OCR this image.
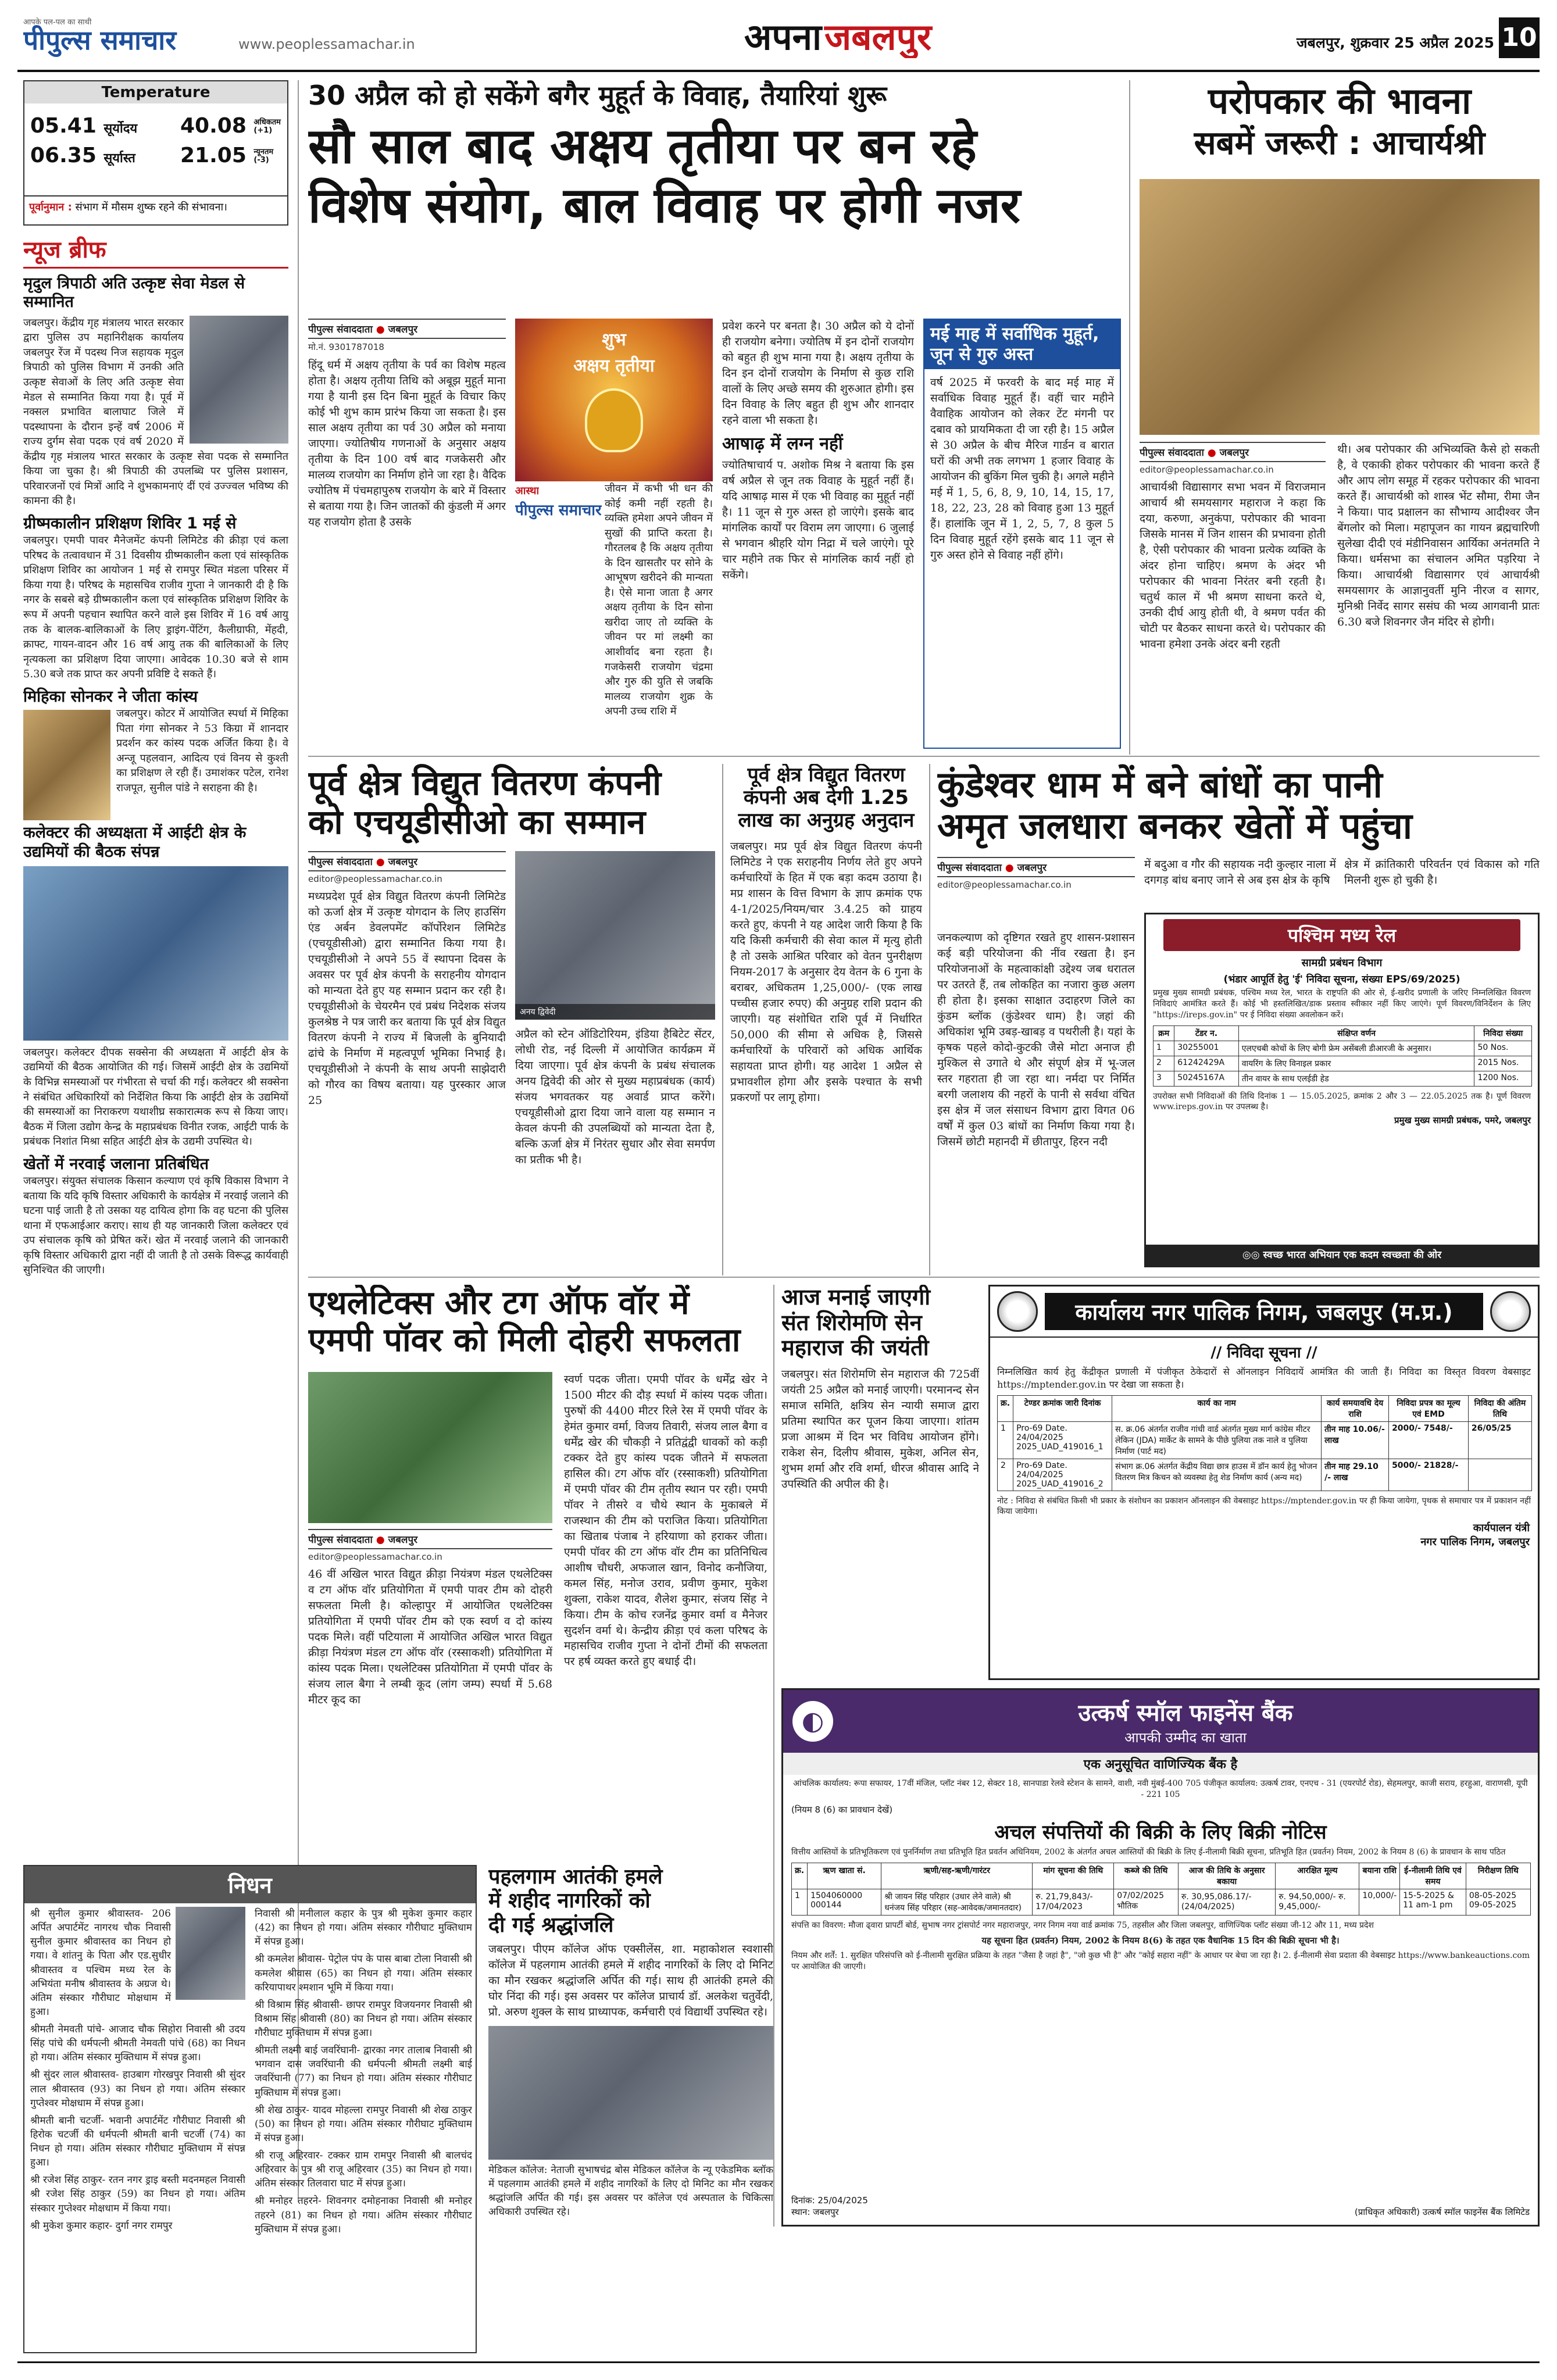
आपके पल-पल का साथी
पीपुल्स समाचार	www.peoplessamachar.in	अपना जबलपुर	जबलपुर, शुक्रवार 25 अप्रैल 2025 10
Temperature
05.41 सूर्योदय
06.35 सूर्यास्त
40.08 अधिकतम
(+1)
21.05 न्यूनतम
(-3)
पूर्वानुमान : संभाग में मौसम शुष्क रहने की संभावना।
न्यूज ब्रीफ
मृदुल त्रिपाठी अति उत्कृष्ट सेवा मेडल से सम्मानित
जबलपुर। केंद्रीय गृह मंत्रालय भारत सरकार द्वारा पुलिस उप महानिरीक्षक कार्यालय जबलपुर रेंज में पदस्थ निज सहायक मृदुल त्रिपाठी को पुलिस विभाग में उनकी अति उत्कृष्ट सेवाओं के लिए अति उत्कृष्ट सेवा मेडल से सम्मानित किया गया है। पूर्व में नक्सल प्रभावित बालाघाट जिले में पदस्थापना के दौरान इन्हें वर्ष 2006 में राज्य दुर्गम सेवा पदक एवं वर्ष 2020 में केंद्रीय गृह मंत्रालय भारत सरकार के उत्कृष्ट सेवा पदक से सम्मानित किया जा चुका है। श्री त्रिपाठी की उपलब्धि पर पुलिस प्रशासन, परिवारजनों एवं मित्रों आदि ने शुभकामनाएं दीं एवं उज्ज्वल भविष्य की कामना की है।
ग्रीष्मकालीन प्रशिक्षण शिविर 1 मई से
जबलपुर। एमपी पावर मैनेजमेंट कंपनी लिमिटेड की क्रीड़ा एवं कला परिषद के तत्वावधान में 31 दिवसीय ग्रीष्मकालीन कला एवं सांस्कृतिक प्रशिक्षण शिविर का आयोजन 1 मई से रामपुर स्थित मंडला परिसर में किया गया है। परिषद के महासचिव राजीव गुप्ता ने जानकारी दी है कि नगर के सबसे बड़े ग्रीष्मकालीन कला एवं सांस्कृतिक प्रशिक्षण शिविर के रूप में अपनी पहचान स्थापित करने वाले इस शिविर में 16 वर्ष आयु तक के बालक-बालिकाओं के लिए ड्राइंग-पेंटिंग, कैलीग्राफी, मेंहदी, क्राफ्ट, गायन-वादन और 16 वर्ष आयु तक की बालिकाओं के लिए नृत्यकला का प्रशिक्षण दिया जाएगा। आवेदक 10.30 बजे से शाम 5.30 बजे तक प्राप्त कर अपनी प्रविष्टि दे सकते हैं।
मिहिका सोनकर ने जीता कांस्य
जबलपुर। कोटर में आयोजित स्पर्धा में मिहिका पिता गंगा सोनकर ने 53 किग्रा में शानदार प्रदर्शन कर कांस्य पदक अर्जित किया है। वे अन्जू पहलवान, आदित्य एवं विनय से कुश्ती का प्रशिक्षण ले रही हैं। उमाशंकर पटेल, रानेश राजपूत, सुनील पांडे ने सराहना की है।
कलेक्टर की अध्यक्षता में आईटी क्षेत्र के उद्यमियों की बैठक संपन्न
जबलपुर। कलेक्टर दीपक सक्सेना की अध्यक्षता में आईटी क्षेत्र के उद्यमियों की बैठक आयोजित की गई। जिसमें आईटी क्षेत्र के उद्यमियों के विभिन्न समस्याओं पर गंभीरता से चर्चा की गई। कलेक्टर श्री सक्सेना ने संबंधित अधिकारियों को निर्देशित किया कि आईटी क्षेत्र के उद्यमियों की समस्याओं का निराकरण यथाशीघ्र सकारात्मक रूप से किया जाए। बैठक में जिला उद्योग केन्द्र के महाप्रबंधक विनीत रजक, आईटी पार्क के प्रबंधक निशांत मिश्रा सहित आईटी क्षेत्र के उद्यमी उपस्थित थे।
खेतों में नरवाई जलाना प्रतिबंधित
जबलपुर। संयुक्त संचालक किसान कल्याण एवं कृषि विकास विभाग ने बताया कि यदि कृषि विस्तार अधिकारी के कार्यक्षेत्र में नरवाई जलाने की घटना पाई जाती है तो उसका यह दायित्व होगा कि वह घटना की पुलिस थाना में एफआईआर कराए। साथ ही यह जानकारी जिला कलेक्टर एवं उप संचालक कृषि को प्रेषित करें। खेत में नरवाई जलाने की जानकारी कृषि विस्तार अधिकारी द्वारा नहीं दी जाती है तो उसके विरूद्ध कार्यवाही सुनिश्चित की जाएगी।
30 अप्रैल को हो सकेंगे बगैर मुहूर्त के विवाह, तैयारियां शुरू
सौ साल बाद अक्षय तृतीया पर बन रहे
विशेष संयोग, बाल विवाह पर होगी नजर
पीपुल्स संवाददाता ● जबलपुर
मो.नं. 9301787018
हिंदू धर्म में अक्षय तृतीया के पर्व का विशेष महत्व होता है। अक्षय तृतीया तिथि को अबूझ मुहूर्त माना गया है यानी इस दिन बिना मुहूर्त के विचार किए कोई भी शुभ काम प्रारंभ किया जा सकता है। इस साल अक्षय तृतीया का पर्व 30 अप्रैल को मनाया जाएगा। ज्योतिषीय गणनाओं के अनुसार अक्षय तृतीया के दिन 100 वर्ष बाद गजकेसरी और मालव्य राजयोग का निर्माण होने जा रहा है। वैदिक ज्योतिष में पंचमहापुरुष राजयोग के बारे में विस्तार से बताया गया है। जिन जातकों की कुंडली में अगर यह राजयोग होता है उसके
शुभ
अक्षय तृतीया
आस्था
पीपुल्स समाचार
जीवन में कभी भी धन की कोई कमी नहीं रहती है। व्यक्ति हमेशा अपने जीवन में सुखों की प्राप्ति करता है। गौरतलब है कि अक्षय तृतीया के दिन खासतौर पर सोने के आभूषण खरीदने की मान्यता है। ऐसे माना जाता है अगर अक्षय तृतीया के दिन सोना खरीदा जाए तो व्यक्ति के जीवन पर मां लक्ष्मी का आशीर्वाद बना रहता है। गजकेसरी राजयोग चंद्रमा और गुरु की युति से जबकि मालव्य राजयोग शुक्र के अपनी उच्च राशि में
प्रवेश करने पर बनता है। 30 अप्रैल को ये दोनों ही राजयोग बनेगा। ज्योतिष में इन दोनों राजयोग को बहुत ही शुभ माना गया है। अक्षय तृतीया के दिन इन दोनों राजयोग के निर्माण से कुछ राशि वालों के लिए अच्छे समय की शुरुआत होगी। इस दिन विवाह के लिए बहुत ही शुभ और शानदार रहने वाला भी सकता है।
आषाढ़ में लग्न नहीं
ज्योतिषाचार्य प. अशोक मिश्र ने बताया कि इस वर्ष अप्रैल से जून तक विवाह के मुहूर्त नहीं हैं। यदि आषाढ़ मास में एक भी विवाह का मुहूर्त नहीं है। 11 जून से गुरु अस्त हो जाएंगे। इसके बाद मांगलिक कार्यों पर विराम लग जाएगा। 6 जुलाई से भगवान श्रीहरि योग निद्रा में चले जाएंगे। पूरे चार महीने तक फिर से मांगलिक कार्य नहीं हो सकेंगे।
मई माह में सर्वाधिक मुहूर्त, जून से गुरु अस्त
वर्ष 2025 में फरवरी के बाद मई माह में सर्वाधिक विवाह मुहूर्त हैं। वहीं चार महीने वैवाहिक आयोजन को लेकर टेंट मंगनी पर दबाव को प्रायमिकता दी जा रही है। 15 अप्रैल से 30 अप्रैल के बीच मैरिज गार्डन व बारात घरों की अभी तक लगभग 1 हजार विवाह के आयोजन की बुकिंग मिल चुकी है। अगले महीने मई में 1, 5, 6, 8, 9, 10, 14, 15, 17, 18, 22, 23, 28 को विवाह हुआ 13 मुहूर्त हैं। हालांकि जून में 1, 2, 5, 7, 8 कुल 5 दिन विवाह मुहूर्त रहेंगे इसके बाद 11 जून से गुरु अस्त होने से विवाह नहीं होंगे।
परोपकार की भावना
सबमें जरूरी : आचार्यश्री
पीपुल्स संवाददाता ● जबलपुर
editor@peoplessamachar.co.in
आचार्यश्री विद्यासागर सभा भवन में विराजमान आचार्य श्री समयसागर महाराज ने कहा कि दया, करुणा, अनुकंपा, परोपकार की भावना जिसके मानस में जिन शासन की प्रभावना होती है, ऐसी परोपकार की भावना प्रत्येक व्यक्ति के अंदर होना चाहिए। श्रमण के अंदर भी परोपकार की भावना निरंतर बनी रहती है। चतुर्थ काल में भी श्रमण साधना करते थे, उनकी दीर्घ आयु होती थी, वे श्रमण पर्वत की चोटी पर बैठकर साधना करते थे। परोपकार की भावना हमेशा उनके अंदर बनी रहती
थी। अब परोपकार की अभिव्यक्ति कैसे हो सकती है, वे एकाकी होकर परोपकार की भावना करते हैं और आप लोग समूह में रहकर परोपकार की भावना करते हैं। आचार्यश्री को शास्त्र भेंट सौमा, रीमा जैन ने किया। पाद प्रक्षालन का सौभाग्य आदीश्वर जैन बेंगलोर को मिला। महापूजन का गायन ब्रह्मचारिणी सुलेखा दीदी एवं मंडीनिवासन आर्यिका अनंतमति ने किया। धर्मसभा का संचालन अमित पड़रिया ने किया। आचार्यश्री विद्यासागर एवं आचार्यश्री समयसागर के आज्ञानुवर्ती मुनि नीरज व सागर, मुनिश्री निर्वेद सागर ससंघ की भव्य आगवानी प्रातः 6.30 बजे शिवनगर जैन मंदिर से होगी।
पूर्व क्षेत्र विद्युत वितरण कंपनी
को एचयूडीसीओ का सम्मान
पीपुल्स संवाददाता ● जबलपुर
editor@peoplessamachar.co.in
मध्यप्रदेश पूर्व क्षेत्र विद्युत वितरण कंपनी लिमिटेड को ऊर्जा क्षेत्र में उत्कृष्ट योगदान के लिए हाउसिंग एंड अर्बन डेवलपमेंट कॉर्पोरेशन लिमिटेड (एचयूडीसीओ) द्वारा सम्मानित किया गया है। एचयूडीसीओ ने अपने 55 वें स्थापना दिवस के अवसर पर पूर्व क्षेत्र कंपनी के सराहनीय योगदान को मान्यता देते हुए यह सम्मान प्रदान कर रही है। एचयूडीसीओ के चेयरमैन एवं प्रबंध निदेशक संजय कुलश्रेष्ठ ने पत्र जारी कर बताया कि पूर्व क्षेत्र विद्युत वितरण कंपनी ने राज्य में बिजली के बुनियादी ढांचे के निर्माण में महत्वपूर्ण भूमिका निभाई है। एचयूडीसीओ ने कंपनी के साथ अपनी साझेदारी को गौरव का विषय बताया। यह पुरस्कार आज 25
अनय द्विवेदी
अप्रैल को स्टेन ऑडिटोरियम, इंडिया हैबिटेट सेंटर, लोधी रोड, नई दिल्ली में आयोजित कार्यक्रम में दिया जाएगा। पूर्व क्षेत्र कंपनी के प्रबंध संचालक अनय द्विवेदी की ओर से मुख्य महाप्रबंधक (कार्य) संजय भगवतकर यह अवार्ड प्राप्त करेंगे। एचयूडीसीओ द्वारा दिया जाने वाला यह सम्मान न केवल कंपनी की उपलब्धियों को मान्यता देता है, बल्कि ऊर्जा क्षेत्र में निरंतर सुधार और सेवा समर्पण का प्रतीक भी है।
पूर्व क्षेत्र विद्युत वितरण
कंपनी अब देगी 1.25
लाख का अनुग्रह अनुदान
जबलपुर। मप्र पूर्व क्षेत्र विद्युत वितरण कंपनी लिमिटेड ने एक सराहनीय निर्णय लेते हुए अपने कर्मचारियों के हित में एक बड़ा कदम उठाया है। मप्र शासन के वित्त विभाग के ज्ञाप क्रमांक एफ 4-1/2025/नियम/चार 3.4.25 को ग्राहय करते हुए, कंपनी ने यह आदेश जारी किया है कि यदि किसी कर्मचारी की सेवा काल में मृत्यु होती है तो उसके आश्रित परिवार को वेतन पुनरीक्षण नियम-2017 के अनुसार देय वेतन के 6 गुना के बराबर, अधिकतम 1,25,000/- (एक लाख पच्चीस हजार रुपए) की अनुग्रह राशि प्रदान की जाएगी। यह संशोधित राशि पूर्व में निर्धारित 50,000 की सीमा से अधिक है, जिससे कर्मचारियों के परिवारों को अधिक आर्थिक सहायता प्राप्त होगी। यह आदेश 1 अप्रैल से प्रभावशील होगा और इसके पश्चात के सभी प्रकरणों पर लागू होगा।
कुंडेश्वर धाम में बने बांधों का पानी
अमृत जलधारा बनकर खेतों में पहुंचा
पीपुल्स संवाददाता ● जबलपुर
editor@peoplessamachar.co.in
में बदुआ व गौर की सहायक नदी कुल्हार नाला में दगगड़ बांध बनाए जाने से अब इस क्षेत्र के कृषि
क्षेत्र में क्रांतिकारी परिवर्तन एवं विकास को गति मिलनी शुरू हो चुकी है।
जनकल्याण को दृष्टिगत रखते हुए शासन-प्रशासन कई बड़ी परियोजना की नींव रखता है। इन परियोजनाओं के महत्वाकांक्षी उद्देश्य जब धरातल पर उतरते हैं, तब लोकहित का नजारा कुछ अलग ही होता है। इसका साक्षात उदाहरण जिले का कुंडम ब्लॉक (कुंडेश्वर धाम) है। जहां की अधिकांश भूमि उबड़-खाबड़ व पथरीली है। यहां के कृषक पहले कोदो-कुटकी जैसे मोटा अनाज ही मुश्किल से उगाते थे और संपूर्ण क्षेत्र में भू-जल स्तर गहराता ही जा रहा था। नर्मदा पर निर्मित बरगी जलाशय की नहरों के पानी से सर्वथा वंचित इस क्षेत्र में जल संसाधन विभाग द्वारा विगत 06 वर्षों में कुल 03 बांधों का निर्माण किया गया है। जिसमें छोटी महानदी में छीतापुर, हिरन नदी
पश्चिम मध्य रेल
सामग्री प्रबंधन विभाग
(भंडार आपूर्ति हेतु 'ई' निविदा सूचना, संख्या EPS/69/2025)
प्रमुख मुख्य सामग्री प्रबंधक, पश्चिम मध्य रेल, भारत के राष्ट्रपति की ओर से, ई-खरीद प्रणाली के जरिए निम्नलिखित विवरण निविदाएं आमंत्रित करते हैं। कोई भी हस्तलिखित/डाक प्रस्ताव स्वीकार नहीं किए जाएंगे। पूर्ण विवरण/विनिर्देशन के लिए "https://ireps.gov.in" पर ई निविदा संख्या अवलोकन करें।
क्रम	टेंडर न.	संक्षिप्त वर्णन	निविदा संख्या
1	30255001	एलएचबी कोचों के लिए बोगी फ्रेम असेंबली डीआरजी के अनुसार।	50 Nos.
2	61242429A	वायरिंग के लिए विनाइल प्रकार	2015 Nos.
3	50245167A	तीन वायर के साथ एलईडी हेड	1200 Nos.
उपरोक्त सभी निविदाओं की तिथि दिनांक 1 — 15.05.2025, क्रमांक 2 और 3 — 22.05.2025 तक है। पूर्ण विवरण www.ireps.gov.in पर उपलब्ध है।
प्रमुख मुख्य सामग्री प्रबंधक, पमरे, जबलपुर
◎◎ स्वच्छ भारत अभियान एक कदम स्वच्छता की ओर
एथलेटिक्स और टग ऑफ वॉर में
एमपी पॉवर को मिली दोहरी सफलता
पीपुल्स संवाददाता ● जबलपुर
editor@peoplessamachar.co.in
46 वीं अखिल भारत विद्युत क्रीड़ा नियंत्रण मंडल एथलेटिक्स व टग ऑफ वॉर प्रतियोगिता में एमपी पावर टीम को दोहरी सफलता मिली है। कोल्हापुर में आयोजित एथलेटिक्स प्रतियोगिता में एमपी पॉवर टीम को एक स्वर्ण व दो कांस्य पदक मिले। वहीं पटियाला में आयोजित अखिल भारत विद्युत क्रीड़ा नियंत्रण मंडल टग ऑफ वॉर (रस्साकशी) प्रतियोगिता में कांस्य पदक मिला। एथलेटिक्स प्रतियोगिता में एमपी पॉवर के संजय लाल बैगा ने लम्बी कूद (लांग जम्प) स्पर्धा में 5.68 मीटर कूद का
स्वर्ण पदक जीता। एमपी पॉवर के धर्मेंद्र खेर ने 1500 मीटर की दौड़ स्पर्धा में कांस्य पदक जीता। पुरुषों की 4400 मीटर रिले रेस में एमपी पॉवर के हेमंत कुमार वर्मा, विजय तिवारी, संजय लाल बैगा व धर्मेंद्र खेर की चौकड़ी ने प्रतिद्वंद्वी धावकों को कड़ी टक्कर देते हुए कांस्य पदक जीतने में सफलता हासिल की। टग ऑफ वॉर (रस्साकशी) प्रतियोगिता में एमपी पॉवर की टीम तृतीय स्थान पर रही। एमपी पॉवर ने तीसरे व चौथे स्थान के मुकाबले में राजस्थान की टीम को पराजित किया। प्रतियोगिता का खिताब पंजाब ने हरियाणा को हराकर जीता। एमपी पॉवर की टग ऑफ वॉर टीम का प्रतिनिधित्व आशीष चौधरी, अफजाल खान, विनोद कनौजिया, कमल सिंह, मनोज उराव, प्रवीण कुमार, मुकेश शुक्ला, राकेश यादव, शैलेश कुमार, संजय सिंह ने किया। टीम के कोच रजनेंद्र कुमार वर्मा व मैनेजर सुदर्शन वर्मा थे। केन्द्रीय क्रीड़ा एवं कला परिषद के महासचिव राजीव गुप्ता ने दोनों टीमों की सफलता पर हर्ष व्यक्त करते हुए बधाई दी।
आज मनाई जाएगी
संत शिरोमणि सेन
महाराज की जयंती
जबलपुर। संत शिरोमणि सेन महाराज की 725वीं जयंती 25 अप्रैल को मनाई जाएगी। परमानन्द सेन समाज समिति, क्षत्रिय सेन न्यायी समाज द्वारा प्रतिमा स्थापित कर पूजन किया जाएगा। शांतम प्रजा आश्रम में दिन भर विविध आयोजन होंगे। राकेश सेन, दिलीप श्रीवास, मुकेश, अनिल सेन, शुभम शर्मा और रवि शर्मा, धीरज श्रीवास आदि ने उपस्थिति की अपील की है।
कार्यालय नगर पालिक निगम, जबलपुर (म.प्र.)
// निविदा सूचना //
निम्नलिखित कार्य हेतु केंद्रीकृत प्रणाली में पंजीकृत ठेकेदारों से ऑनलाइन निविदायें आमंत्रित की जाती हैं। निविदा का विस्तृत विवरण वेबसाइट https://mptender.gov.in पर देखा जा सकता है।
क्र.	टेण्डर क्रमांक जारी दिनांक	कार्य का नाम	कार्य समयावधि देय राशि	निविदा प्रपत्र का मूल्य एवं EMD	निविदा की अंतिम तिथि
1	Pro-69 Date. 24/04/2025 2025_UAD_419016_1	स. क्र.06 अंतर्गत राजीव गांधी वार्ड अंतर्गत मुख्य मार्ग कांग्रेस मीटर लेकिन (JDA) मार्केट के सामने के पीछे पुलिया तक नाले व पुलिया निर्माण (पार्ट मद)	तीन माह 10.06/- लाख	2000/- 7548/-	26/05/25
2	Pro-69 Date. 24/04/2025 2025_UAD_419016_2	संभाग क्र.06 अंतर्गत केंद्रीय विद्या छात्र हाउस में डॉन कार्य हेतु भोजन वितरण मित्र किचन को व्यवस्था हेतु शेड निर्माण कार्य (अन्य मद)	तीन माह 29.10 /- लाख	5000/- 21828/-	
नोट : निविदा से संबंधित किसी भी प्रकार के संशोधन का प्रकाशन ऑनलाइन की वेबसाइट https://mptender.gov.in पर ही किया जायेगा, पृथक से समाचार पत्र में प्रकाशन नहीं किया जायेगा।
कार्यपालन यंत्री
नगर पालिक निगम, जबलपुर
◐	उत्कर्ष स्मॉल फाइनेंस बैंक
आपकी उम्मीद का खाता
एक अनुसूचित वाणिज्यिक बैंक है
आंचलिक कार्यालय: रूपा सफायर, 17वीं मंजिल, प्लॉट नंबर 12, सेक्टर 18, सानपाडा रेलवे स्टेशन के सामने, वाशी, नवी मुंबई-400 705 पंजीकृत कार्यालय: उत्कर्ष टावर, एनएच - 31 (एयरपोर्ट रोड), सेहमलपुर, काजी सराय, हरहुआ, वाराणसी, यूपी - 221 105
(नियम 8 (6) का प्रावधान देखें)
अचल संपत्तियों की बिक्री के लिए बिक्री नोटिस
वित्तीय आस्तियों के प्रतिभूतिकरण एवं पुनर्निर्माण तथा प्रतिभूति हित प्रवर्तन अधिनियम, 2002 के अंतर्गत अचल आस्तियों की बिक्री के लिए ई-नीलामी बिक्री सूचना, प्रतिभूति हित (प्रवर्तन) नियम, 2002 के नियम 8 (6) के प्रावधान के साथ पठित
क्र.	ऋण खाता सं.	ऋणी/सह-ऋणी/गारंटर	मांग सूचना की तिथि	कब्जे की तिथि	आज की तिथि के अनुसार बकाया	आरक्षित मूल्य	बयाना राशि	ई-नीलामी तिथि एवं समय	निरीक्षण तिथि
1	1504060000 000144	श्री जायन सिंह परिहार (उधार लेने वाले) श्री धनंजय सिंह परिहार (सह-आवेदक/जमानतदार)	रु. 21,79,843/- 17/04/2023	07/02/2025 भौतिक	रु. 30,95,086.17/- (24/04/2025)	रु. 94,50,000/- रु. 9,45,000/-	10,000/-	15-5-2025 & 11 am-1 pm	08-05-2025 09-05-2025
संपत्ति का विवरण: मौजा ढ्वारा प्रापर्टी बोर्ड, सुभाष नगर ट्रांसपोर्ट नगर महाराजपुर, नगर निगम नया वार्ड क्रमांक 75, तहसील और जिला जबलपुर, वाणिज्यिक प्लॉट संख्या जी-12 और 11, मध्य प्रदेश
यह सूचना हित (प्रवर्तन) नियम, 2002 के नियम 8(6) के तहत एक वैधानिक 15 दिन की बिक्री सूचना भी है।
नियम और शर्तें: 1. सुरक्षित परिसंपत्ति को ई-नीलामी सुरक्षित प्रक्रिया के तहत "जैसा है जहां है", "जो कुछ भी है" और "कोई सहारा नहीं" के आधार पर बेचा जा रहा है। 2. ई-नीलामी सेवा प्रदाता की वेबसाइट https://www.bankeauctions.com पर आयोजित की जाएगी।
दिनांक: 25/04/2025
स्थान: जबलपुर	(प्राधिकृत अधिकारी) उत्कर्ष स्मॉल फाइनेंस बैंक लिमिटेड
निधन
श्री सुनील कुमार श्रीवास्तव- 206 अर्पित अपार्टमेंट नागरथ चौक निवासी सुनील कुमार श्रीवास्तव का निधन हो गया। वे शांतनु के पिता और एड.सुधीर श्रीवास्तव व पश्चिम मध्य रेल के अभियंता मनीष श्रीवास्तव के अग्रज थे। अंतिम संस्कार गौरीघाट मोक्षधाम में हुआ।
श्रीमती नेमवती पांचे- आजाद चौक सिहोरा निवासी श्री उदय सिंह पांचे की धर्मपत्नी श्रीमती नेमवती पांचे (68) का निधन हो गया। अंतिम संस्कार मुक्तिधाम में संपन्न हुआ।
श्री सुंदर लाल श्रीवास्तव- हाउबाग गोरखपुर निवासी श्री सुंदर लाल श्रीवास्तव (93) का निधन हो गया। अंतिम संस्कार गुप्तेश्वर मोक्षधाम में संपन्न हुआ।
श्रीमती बानी चटर्जी- भवानी अपार्टमेंट गौरीघाट निवासी श्री हिरोक चटर्जी की धर्मपत्नी श्रीमती बानी चटर्जी (74) का निधन हो गया। अंतिम संस्कार गौरीघाट मुक्तिधाम में संपन्न हुआ।
श्री रजेश सिंह ठाकुर- रतन नगर ड्राइ बस्ती मदनमहल निवासी श्री रजेश सिंह ठाकुर (59) का निधन हो गया। अंतिम संस्कार गुप्तेश्वर मोक्षधाम में किया गया।
श्री मुकेश कुमार कहार- दुर्गा नगर रामपुर
निवासी श्री मनीलाल कहार के पुत्र श्री मुकेश कुमार कहार (42) का निधन हो गया। अंतिम संस्कार गौरीघाट मुक्तिधाम में संपन्न हुआ।
श्री कमलेश श्रीवास- पेट्रोल पंप के पास बाबा टोला निवासी श्री कमलेश श्रीवास (65) का निधन हो गया। अंतिम संस्कार करियापाथर श्मशान भूमि में किया गया।
श्री विश्राम सिंह श्रीवासी- छापर रामपुर विजयनगर निवासी श्री विश्राम सिंह श्रीवासी (80) का निधन हो गया। अंतिम संस्कार गौरीघाट मुक्तिधाम में संपन्न हुआ।
श्रीमती लक्ष्मी बाई जवरिंघानी- द्वारका नगर तालाब निवासी श्री भगवान दास जवरिंघानी की धर्मपत्नी श्रीमती लक्ष्मी बाई जवरिंघानी (77) का निधन हो गया। अंतिम संस्कार गौरीघाट मुक्तिधाम में संपन्न हुआ।
श्री शेख ठाकुर- यादव मोहल्ला रामपुर निवासी श्री शेख ठाकुर (50) का निधन हो गया। अंतिम संस्कार गौरीघाट मुक्तिधाम में संपन्न हुआ।
श्री राजू अहिरवार- टक्कर ग्राम रामपुर निवासी श्री बालचंद अहिरवार के पुत्र श्री राजू अहिरवार (35) का निधन हो गया। अंतिम संस्कार तिलवारा घाट में संपन्न हुआ।
श्री मनोहर तहरने- शिवनगर दमोहनाका निवासी श्री मनोहर तहरने (81) का निधन हो गया। अंतिम संस्कार गौरीघाट मुक्तिधाम में संपन्न हुआ।
पहलगाम आतंकी हमले
में शहीद नागरिकों को
दी गई श्रद्धांजलि
जबलपुर। पीएम कॉलेज ऑफ एक्सीलेंस, शा. महाकोशल स्वशासी कॉलेज में पहलगाम आतंकी हमले में शहीद नागरिकों के लिए दो मिनिट का मौन रखकर श्रद्धांजलि अर्पित की गई। साथ ही आतंकी हमले की घोर निंदा की गई। इस अवसर पर कॉलेज प्राचार्य डॉ. अलकेश चतुर्वेदी, प्रो. अरुण शुक्ल के साथ प्राध्यापक, कर्मचारी एवं विद्यार्थी उपस्थित रहे।
मेडिकल कॉलेज: नेताजी सुभाषचंद्र बोस मेडिकल कॉलेज के न्यू एकेडमिक ब्लॉक में पहलगाम आतंकी हमले में शहीद नागरिकों के लिए दो मिनिट का मौन रखकर श्रद्धांजलि अर्पित की गई। इस अवसर पर कॉलेज एवं अस्पताल के चिकित्सा अधिकारी उपस्थित रहे।
